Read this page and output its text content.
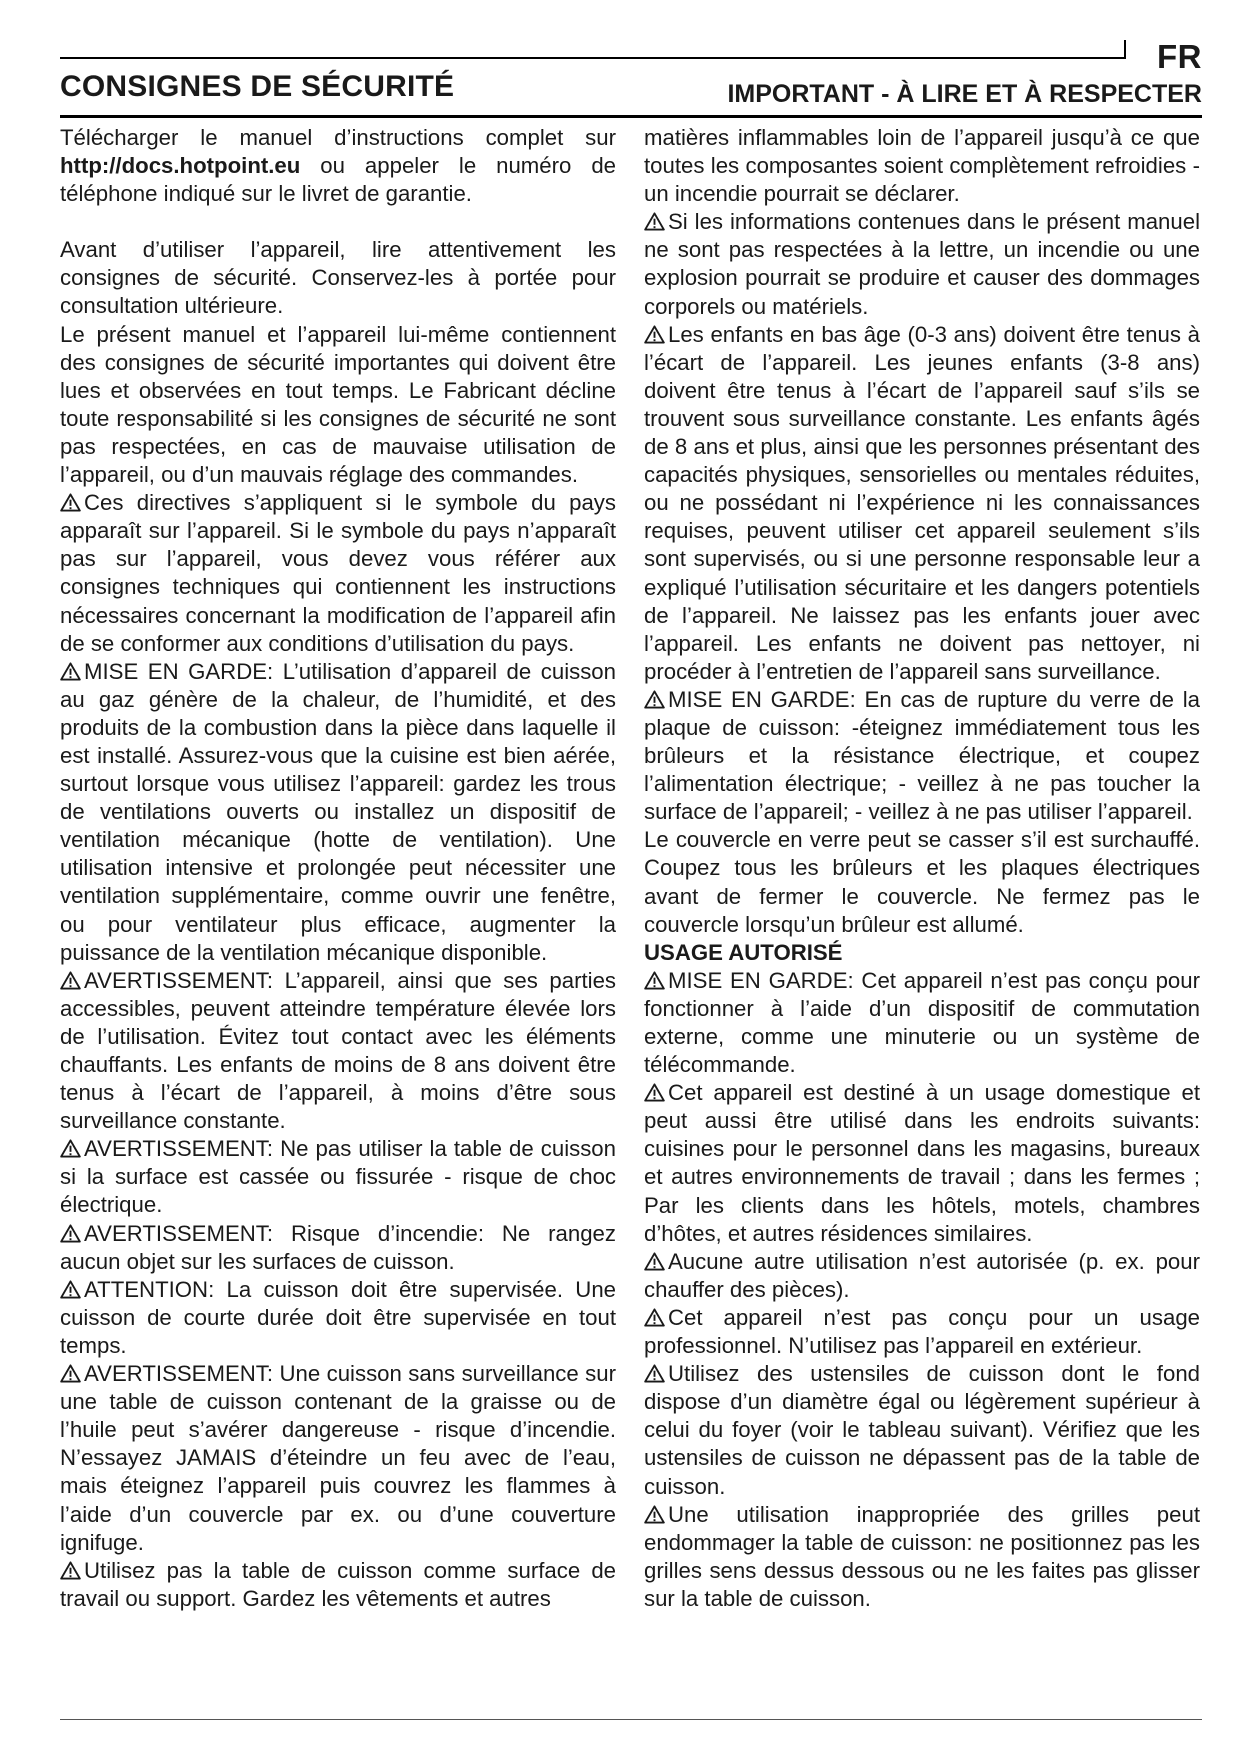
FR
CONSIGNES DE SÉCURITÉ	IMPORTANT - À LIRE ET À RESPECTER

Télécharger le manuel d’instructions complet sur http://docs.hotpoint.eu ou appeler le numéro de téléphone indiqué sur le livret de garantie.

Avant d’utiliser l’appareil, lire attentivement les consignes de sécurité. Conservez-les à portée pour consultation ultérieure.

Le présent manuel et l’appareil lui-même contiennent des consignes de sécurité importantes qui doivent être lues et observées en tout temps. Le Fabricant décline toute responsabilité si les consignes de sécurité ne sont pas respectées, en cas de mauvaise utilisation de l’appareil, ou d’un mauvais réglage des commandes.

Ces directives s’appliquent si le symbole du pays apparaît sur l’appareil. Si le symbole du pays n’apparaît pas sur l’appareil, vous devez vous référer aux consignes techniques qui contiennent les instructions nécessaires concernant la modification de l’appareil afin de se conformer aux conditions d’utilisation du pays.

MISE EN GARDE: L’utilisation d’appareil de cuisson au gaz génère de la chaleur, de l’humidité, et des produits de la combustion dans la pièce dans laquelle il est installé. Assurez-vous que la cuisine est bien aérée, surtout lorsque vous utilisez l’appareil: gardez les trous de ventilations ouverts ou installez un dispositif de ventilation mécanique (hotte de ventilation). Une utilisation intensive et prolongée peut nécessiter une ventilation supplémentaire, comme ouvrir une fenêtre, ou pour ventilateur plus efficace, augmenter la puissance de la ventilation mécanique disponible.

AVERTISSEMENT: L’appareil, ainsi que ses parties accessibles, peuvent atteindre température élevée lors de l’utilisation. Évitez tout contact avec les éléments chauffants. Les enfants de moins de 8 ans doivent être tenus à l’écart de l’appareil, à moins d’être sous surveillance constante.

AVERTISSEMENT: Ne pas utiliser la table de cuisson si la surface est cassée ou fissurée - risque de choc électrique.

AVERTISSEMENT: Risque d’incendie: Ne rangez aucun objet sur les surfaces de cuisson.

ATTENTION: La cuisson doit être supervisée. Une cuisson de courte durée doit être supervisée en tout temps.

AVERTISSEMENT: Une cuisson sans surveillance sur une table de cuisson contenant de la graisse ou de l’huile peut s’avérer dangereuse - risque d’incendie. N’essayez JAMAIS d’éteindre un feu avec de l’eau, mais éteignez l’appareil puis couvrez les flammes à l’aide d’un couvercle par ex. ou d’une couverture ignifuge.

Utilisez pas la table de cuisson comme surface de travail ou support. Gardez les vêtements et autres

matières inflammables loin de l’appareil jusqu’à ce que toutes les composantes soient complètement refroidies - un incendie pourrait se déclarer.

Si les informations contenues dans le présent manuel ne sont pas respectées à la lettre, un incendie ou une explosion pourrait se produire et causer des dommages corporels ou matériels.

Les enfants en bas âge (0-3 ans) doivent être tenus à l’écart de l’appareil. Les jeunes enfants (3-8 ans) doivent être tenus à l’écart de l’appareil sauf s’ils se trouvent sous surveillance constante. Les enfants âgés de 8 ans et plus, ainsi que les personnes présentant des capacités physiques, sensorielles ou mentales réduites, ou ne possédant ni l’expérience ni les connaissances requises, peuvent utiliser cet appareil seulement s’ils sont supervisés, ou si une personne responsable leur a expliqué l’utilisation sécuritaire et les dangers potentiels de l’appareil. Ne laissez pas les enfants jouer avec l’appareil. Les enfants ne doivent pas nettoyer, ni procéder à l’entretien de l’appareil sans surveillance.

MISE EN GARDE: En cas de rupture du verre de la plaque de cuisson: -éteignez immédiatement tous les brûleurs et la résistance électrique, et coupez l’alimentation électrique; - veillez à ne pas toucher la surface de l’appareil; - veillez à ne pas utiliser l’appareil.

Le couvercle en verre peut se casser s’il est surchauffé. Coupez tous les brûleurs et les plaques électriques avant de fermer le couvercle. Ne fermez pas le couvercle lorsqu’un brûleur est allumé.

USAGE AUTORISÉ

MISE EN GARDE: Cet appareil n’est pas conçu pour fonctionner à l’aide d’un dispositif de commutation externe, comme une minuterie ou un système de télécommande.

Cet appareil est destiné à un usage domestique et peut aussi être utilisé dans les endroits suivants: cuisines pour le personnel dans les magasins, bureaux et autres environnements de travail ; dans les fermes ; Par les clients dans les hôtels, motels, chambres d’hôtes, et autres résidences similaires.

Aucune autre utilisation n’est autorisée (p. ex. pour chauffer des pièces).

Cet appareil n’est pas conçu pour un usage professionnel. N’utilisez pas l’appareil en extérieur.

Utilisez des ustensiles de cuisson dont le fond dispose d’un diamètre égal ou légèrement supérieur à celui du foyer (voir le tableau suivant). Vérifiez que les ustensiles de cuisson ne dépassent pas de la table de cuisson.

Une utilisation inappropriée des grilles peut endommager la table de cuisson: ne positionnez pas les grilles sens dessus dessous ou ne les faites pas glisser sur la table de cuisson.
